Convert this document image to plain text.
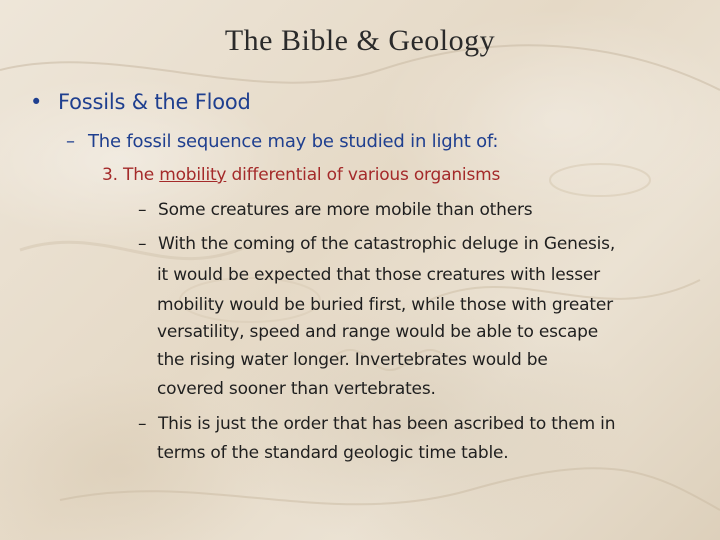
The Bible & Geology
• Fossils & the Flood
– The fossil sequence may be studied in light of:
3. The mobility differential of various organisms
– Some creatures are more mobile than others
– With the coming of the catastrophic deluge in Genesis,
it would be expected that those creatures with lesser
mobility would be buried first, while those with greater
versatility, speed and range would be able to escape
the rising water longer. Invertebrates would be
covered sooner than vertebrates.
– This is just the order that has been ascribed to them in
terms of the standard geologic time table.
